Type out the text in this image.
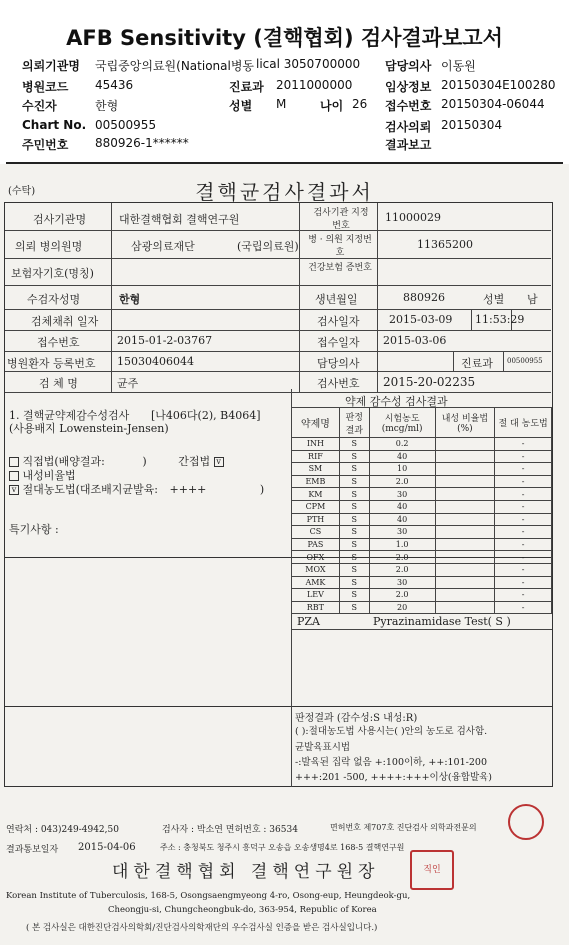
AFB Sensitivity (결핵협회) 검사결과보고서
의뢰기관명 국립중앙의료원(National병동 lical 3050700000 담당의사 이동원
병원코드 45436	진료과 2011000000	임상정보 20150304E100280
수진자	한형	성별 M	나이 26 접수번호 20150304-06044
Chart No. 00500955	검사의뢰 20150304
주민번호 880926-1******	결과보고
(수탁)	결핵균검사결과서
검사기관명	대한결핵협회 결핵연구원	검사기관 지정번호
11000029
의뢰 병의원명	삼광의료재단	(국립의료원) 병 · 의원 지정번호
11365200
보험자기호(명칭)	건강보험 증번호
수검자성명	한형	생년월일	880926	성별 남
검체채취 일자	검사일자	2015-03-09 11:53:29
접수번호	2015-01-2-03767	접수일자 2015-03-06
병원환자 등록번호 15030406044	담당의사	진료과 00500955
검 체 명	균주	검사번호 2015-20-02235
1. 결핵균약제감수성검사 [나406다(2), B4064]
(사용배지 Lowenstein-Jensen)
직접법(배양결과:	)	간접법 v
내성비율법
v 절대농도법(대조배지균발육: ++++	)
특기사항 :
약제 감수성 검사결과
약제명	판정 결과	시험농도 (mcg/ml)	내성 비율법(%)	절 대 농도법
INH	S	0.2		-
RIF	S	40		-
SM	S	10		-
EMB	S	2.0		-
KM	S	30		-
CPM	S	40		-
PTH	S	40		-
CS	S	30		-
PAS	S	1.0		-
OFX	S	2.0		-
MOX	S	2.0		-
AMK	S	30		-
LEV	S	2.0		-
RBT	S	20		-
PZA	Pyrazinamidase Test( S )
판정결과 (감수성:S 내성:R)
( ):절대농도법 사용시는( )안의 농도로 검사함.
균발육표시법
-:발육된 집락 없음 +:100이하, ++:101-200
+++:201 -500, ++++:+++이상(융합발육)
연락처 : 043)249-4942,50	검사자 : 박소연 면허번호 : 36534	면허번호 제707호 진단검사 의학과전문의
결과통보일자 2015-04-06	주소 : 충청북도 청주시 흥덕구 오송읍 오송생명4로 168-5 결핵연구원
대한결핵협회 결핵연구원장	직인
Korean Institute of Tuberculosis, 168-5, Osongsaengmyeong 4-ro, Osong-eup, Heungdeok-gu,
Cheongju-si, Chungcheongbuk-do, 363-954, Republic of Korea
( 본 검사실은 대한진단검사의학회/진단검사의학재단의 우수검사실 인증을 받은 검사실입니다.)
